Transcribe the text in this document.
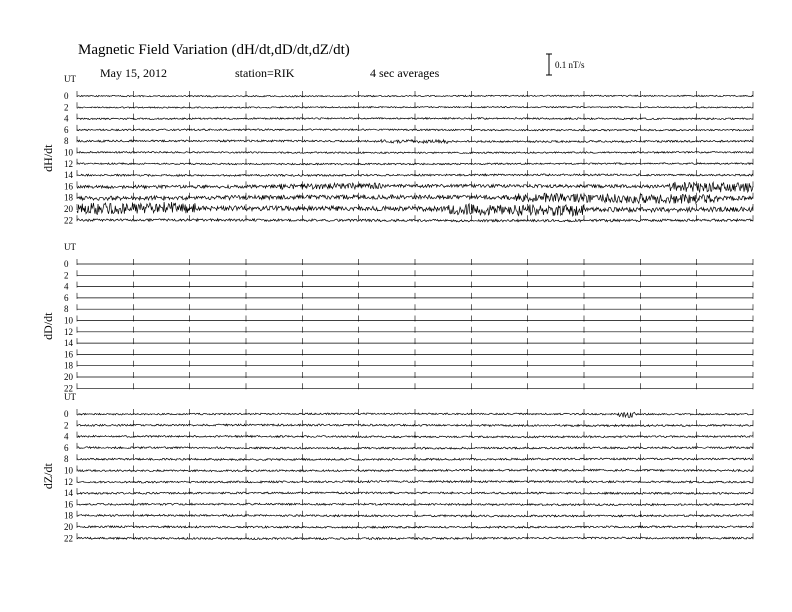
Magnetic Field Variation (dH/dt,dD/dt,dZ/dt)
May 15, 2012	station=RIK	4 sec averages
0.1 nT/s
UT
dH/dt
0
2
4
6
8
10
12
14
16
18
20
22
UT
dD/dt
0
2
4
6
8
10
12
14
16
18
20
22
UT
dZ/dt
0
2
4
6
8
10
12
14
16
18
20
22
